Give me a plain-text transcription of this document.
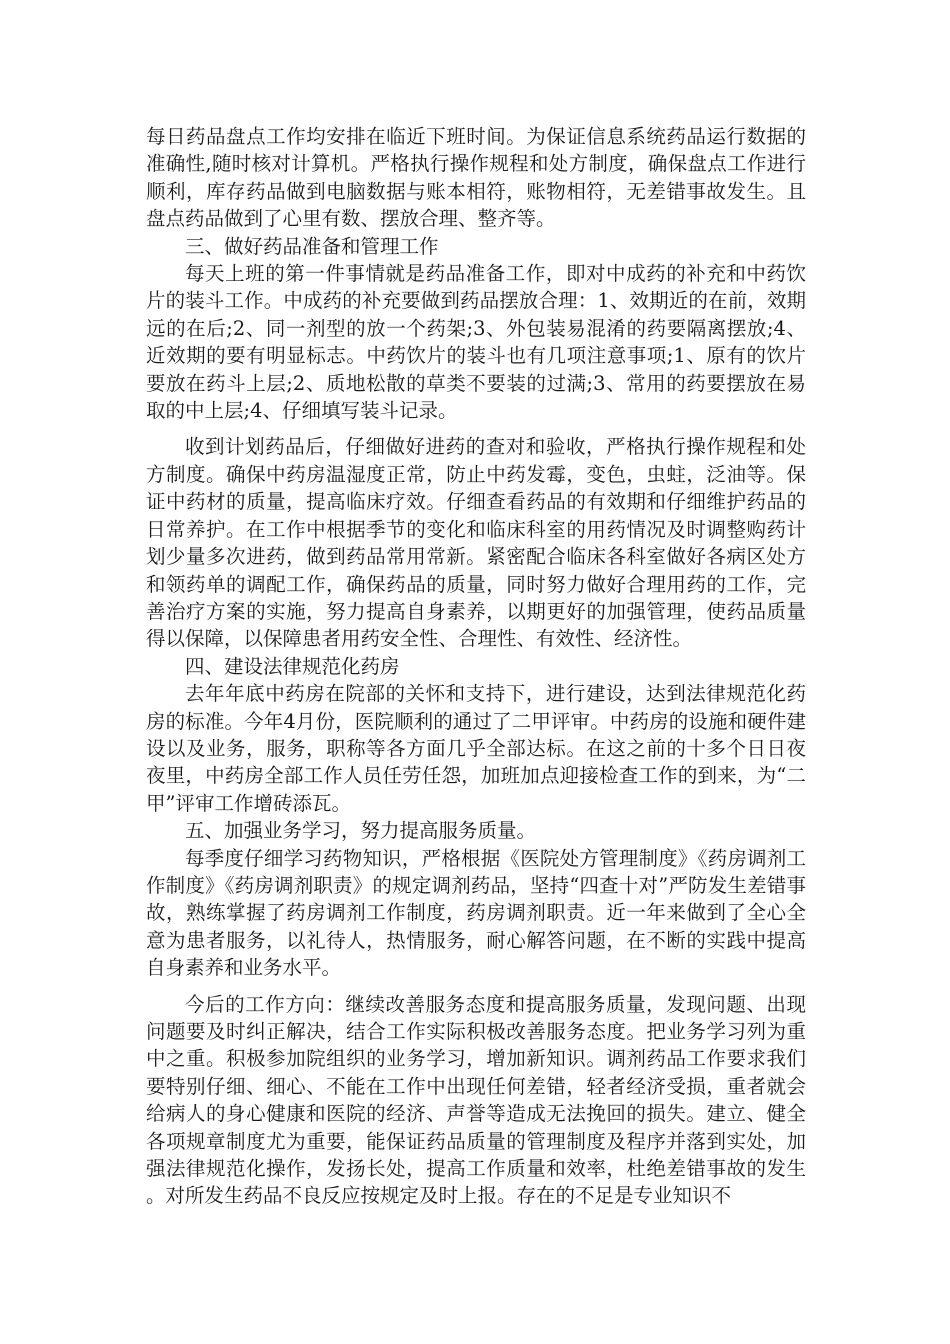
每日药品盘点工作均安排在临近下班时间。为保证信息系统药品运行数据的准确性,随时核对计算机。严格执行操作规程和处方制度，确保盘点工作进行顺利，库存药品做到电脑数据与账本相符，账物相符，无差错事故发生。且盘点药品做到了心里有数、摆放合理、整齐等。

三、做好药品准备和管理工作

每天上班的第一件事情就是药品准备工作，即对中成药的补充和中药饮片的装斗工作。中成药的补充要做到药品摆放合理：1、效期近的在前，效期远的在后;2、同一剂型的放一个药架;3、外包装易混淆的药要隔离摆放;4、近效期的要有明显标志。中药饮片的装斗也有几项注意事项;1、原有的饮片要放在药斗上层;2、质地松散的草类不要装的过满;3、常用的药要摆放在易取的中上层;4、仔细填写装斗记录。

收到计划药品后，仔细做好进药的查对和验收，严格执行操作规程和处方制度。确保中药房温湿度正常，防止中药发霉，变色，虫蛀，泛油等。保证中药材的质量，提高临床疗效。仔细查看药品的有效期和仔细维护药品的日常养护。在工作中根据季节的变化和临床科室的用药情况及时调整购药计划少量多次进药，做到药品常用常新。紧密配合临床各科室做好各病区处方和领药单的调配工作，确保药品的质量，同时努力做好合理用药的工作，完善治疗方案的实施，努力提高自身素养，以期更好的加强管理，使药品质量得以保障，以保障患者用药安全性、合理性、有效性、经济性。

四、建设法律规范化药房

去年年底中药房在院部的关怀和支持下，进行建设，达到法律规范化药房的标准。今年4月份，医院顺利的通过了二甲评审。中药房的设施和硬件建设以及业务，服务，职称等各方面几乎全部达标。在这之前的十多个日日夜夜里，中药房全部工作人员任劳任怨，加班加点迎接检查工作的到来，为“二甲”评审工作增砖添瓦。

五、加强业务学习，努力提高服务质量。

每季度仔细学习药物知识，严格根据《医院处方管理制度》《药房调剂工作制度》《药房调剂职责》的规定调剂药品，坚持“四查十对”严防发生差错事故，熟练掌握了药房调剂工作制度，药房调剂职责。近一年来做到了全心全意为患者服务，以礼待人，热情服务，耐心解答问题，在不断的实践中提高自身素养和业务水平。

今后的工作方向：继续改善服务态度和提高服务质量，发现问题、出现问题要及时纠正解决，结合工作实际积极改善服务态度。把业务学习列为重中之重。积极参加院组织的业务学习，增加新知识。调剂药品工作要求我们要特别仔细、细心、不能在工作中出现任何差错，轻者经济受损，重者就会给病人的身心健康和医院的经济、声誉等造成无法挽回的损失。建立、健全各项规章制度尤为重要，能保证药品质量的管理制度及程序并落到实处，加强法律规范化操作，发扬长处，提高工作质量和效率，杜绝差错事故的发生。对所发生药品不良反应按规定及时上报。存在的不足是专业知识不
